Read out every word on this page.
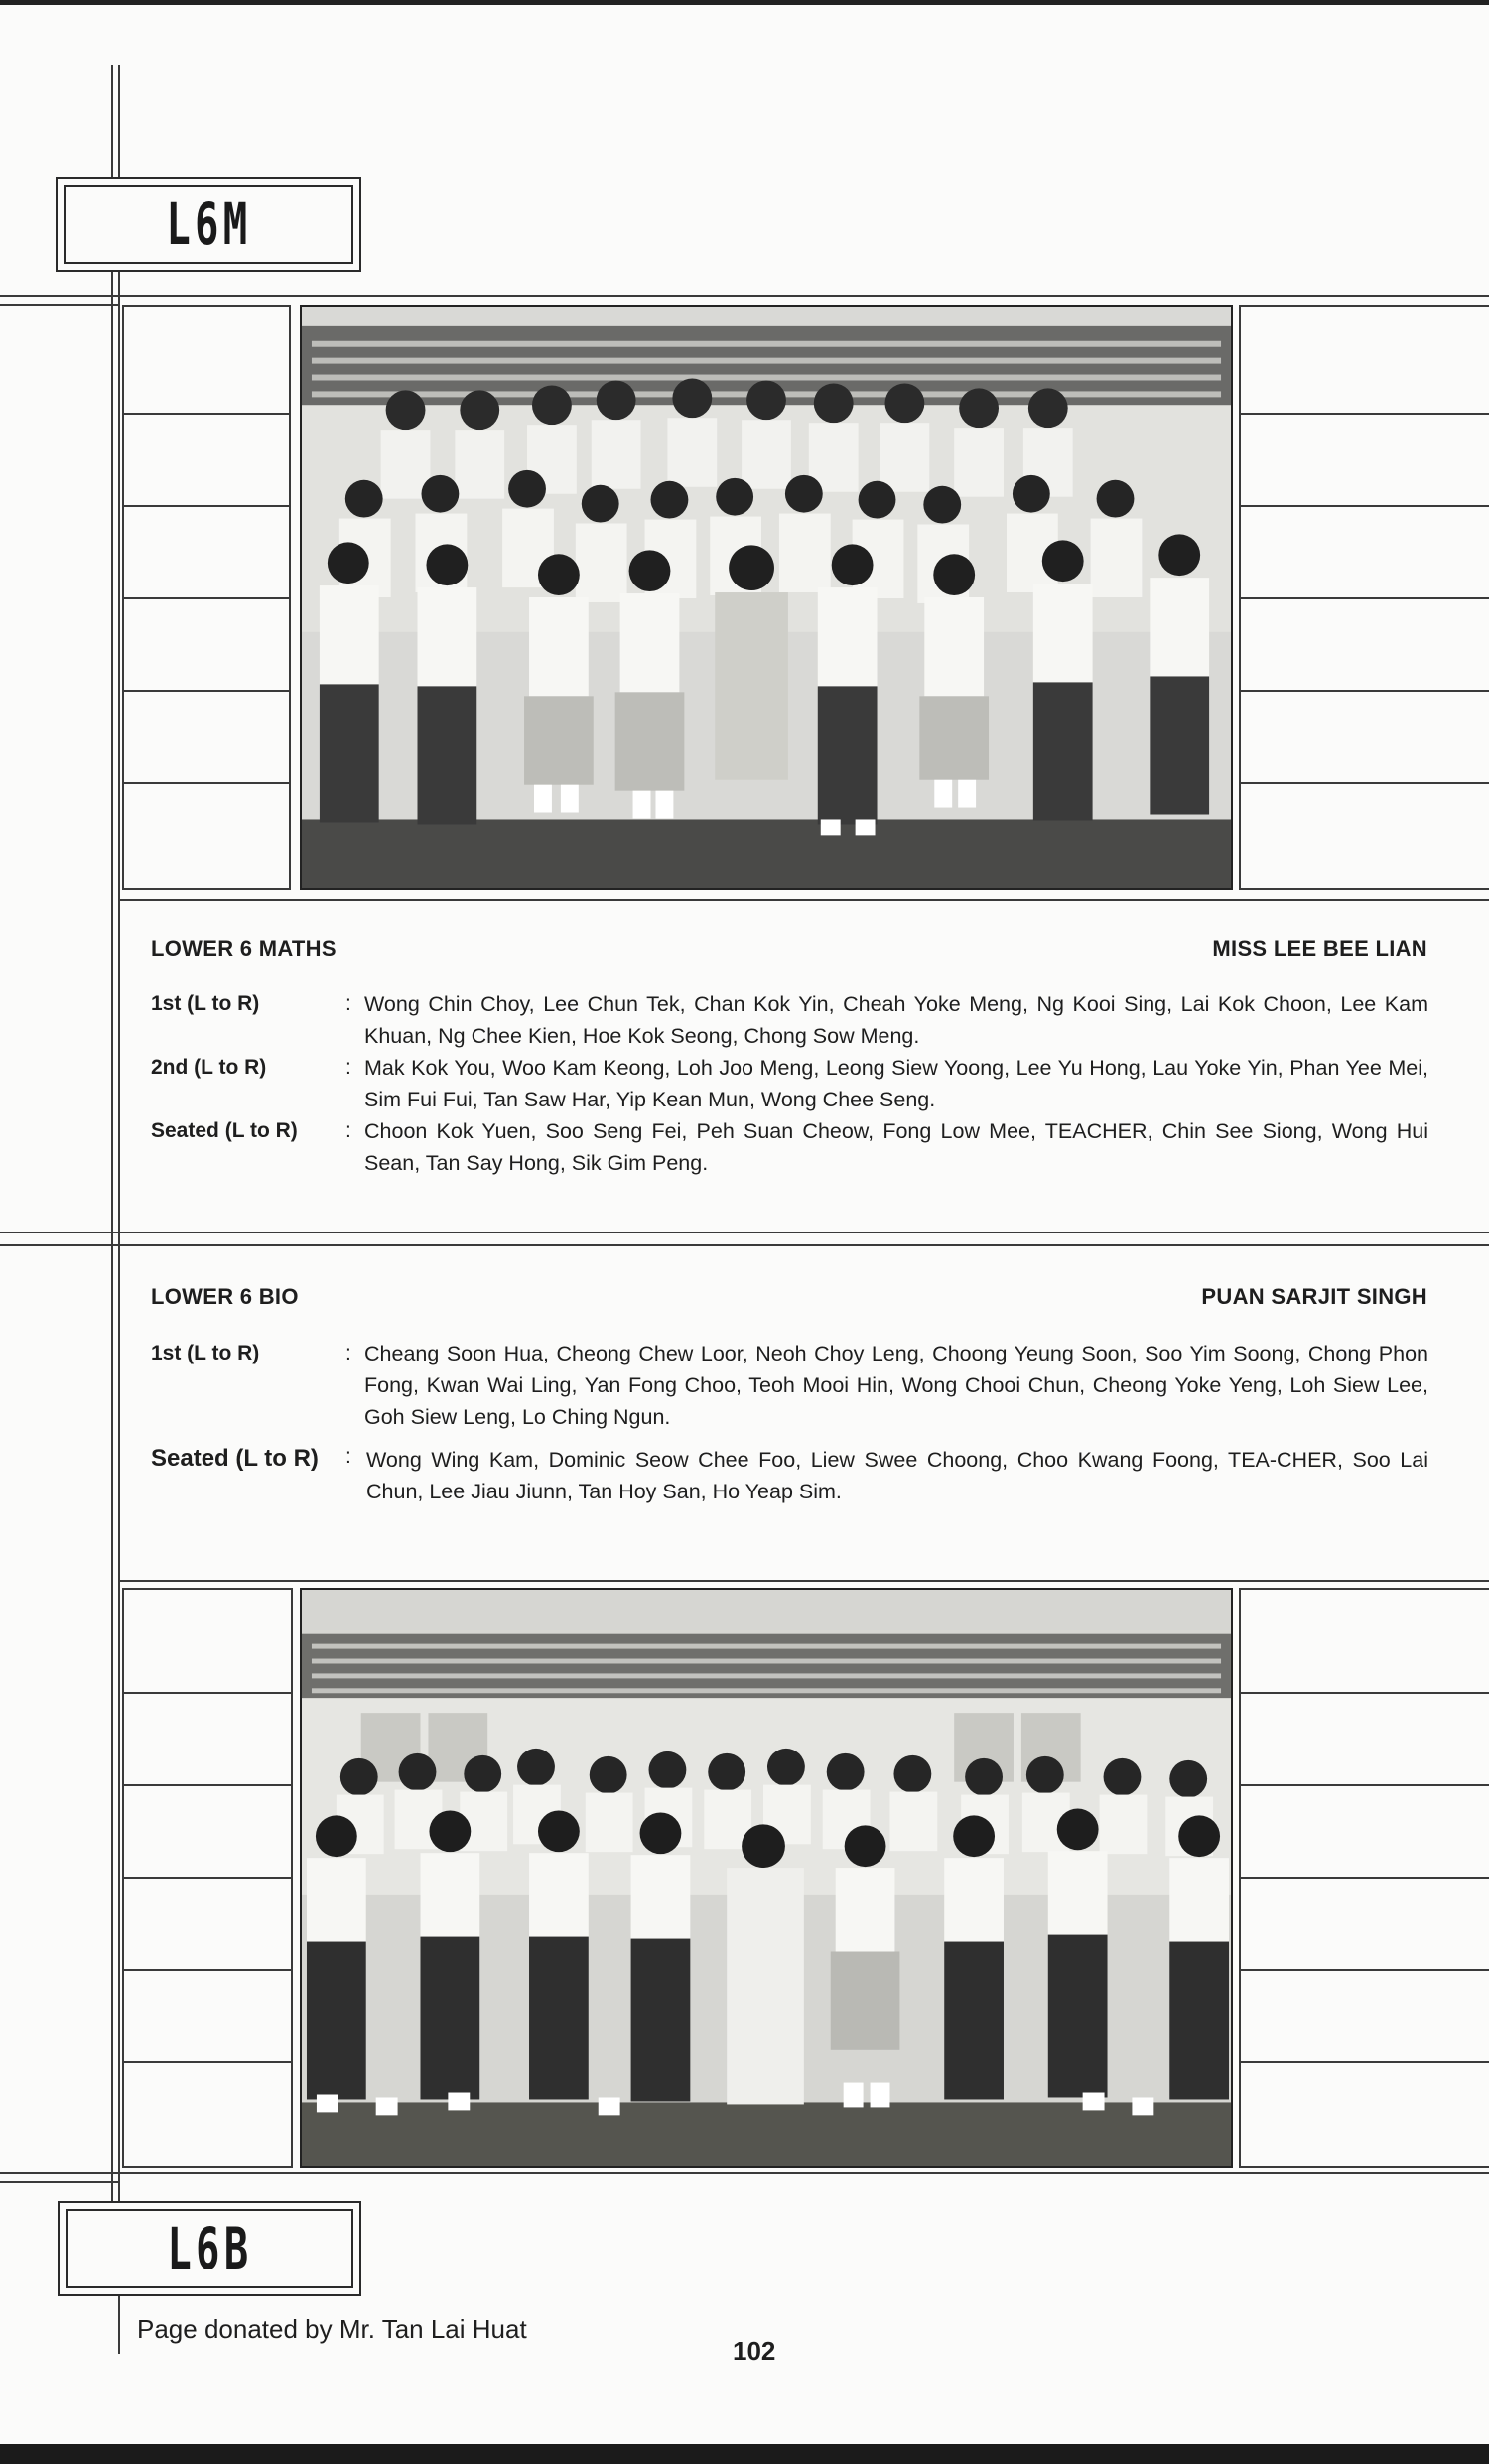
L6M
LOWER 6 MATHS	MISS LEE BEE LIAN
1st (L to R)	: Wong Chin Choy, Lee Chun Tek, Chan Kok Yin, Cheah Yoke Meng, Ng Kooi Sing, Lai Kok Choon, Lee Kam Khuan, Ng Chee Kien, Hoe Kok Seong, Chong Sow Meng.
2nd (L to R)	: Mak Kok You, Woo Kam Keong, Loh Joo Meng, Leong Siew Yoong, Lee Yu Hong, Lau Yoke Yin, Phan Yee Mei, Sim Fui Fui, Tan Saw Har, Yip Kean Mun, Wong Chee Seng.
Seated (L to R) : Choon Kok Yuen, Soo Seng Fei, Peh Suan Cheow, Fong Low Mee, TEACHER, Chin See Siong, Wong Hui Sean, Tan Say Hong, Sik Gim Peng.
LOWER 6 BIO	PUAN SARJIT SINGH
1st (L to R)	: Cheang Soon Hua, Cheong Chew Loor, Neoh Choy Leng, Choong Yeung Soon, Soo Yim Soong, Chong Phon Fong, Kwan Wai Ling, Yan Fong Choo, Teoh Mooi Hin, Wong Chooi Chun, Cheong Yoke Yeng, Loh Siew Lee, Goh Siew Leng, Lo Ching Ngun.
Seated (L to R) : Wong Wing Kam, Dominic Seow Chee Foo, Liew Swee Choong, Choo Kwang Foong, TEA-CHER, Soo Lai Chun, Lee Jiau Jiunn, Tan Hoy San, Ho Yeap Sim.
L6B
Page donated by Mr. Tan Lai Huat
102
